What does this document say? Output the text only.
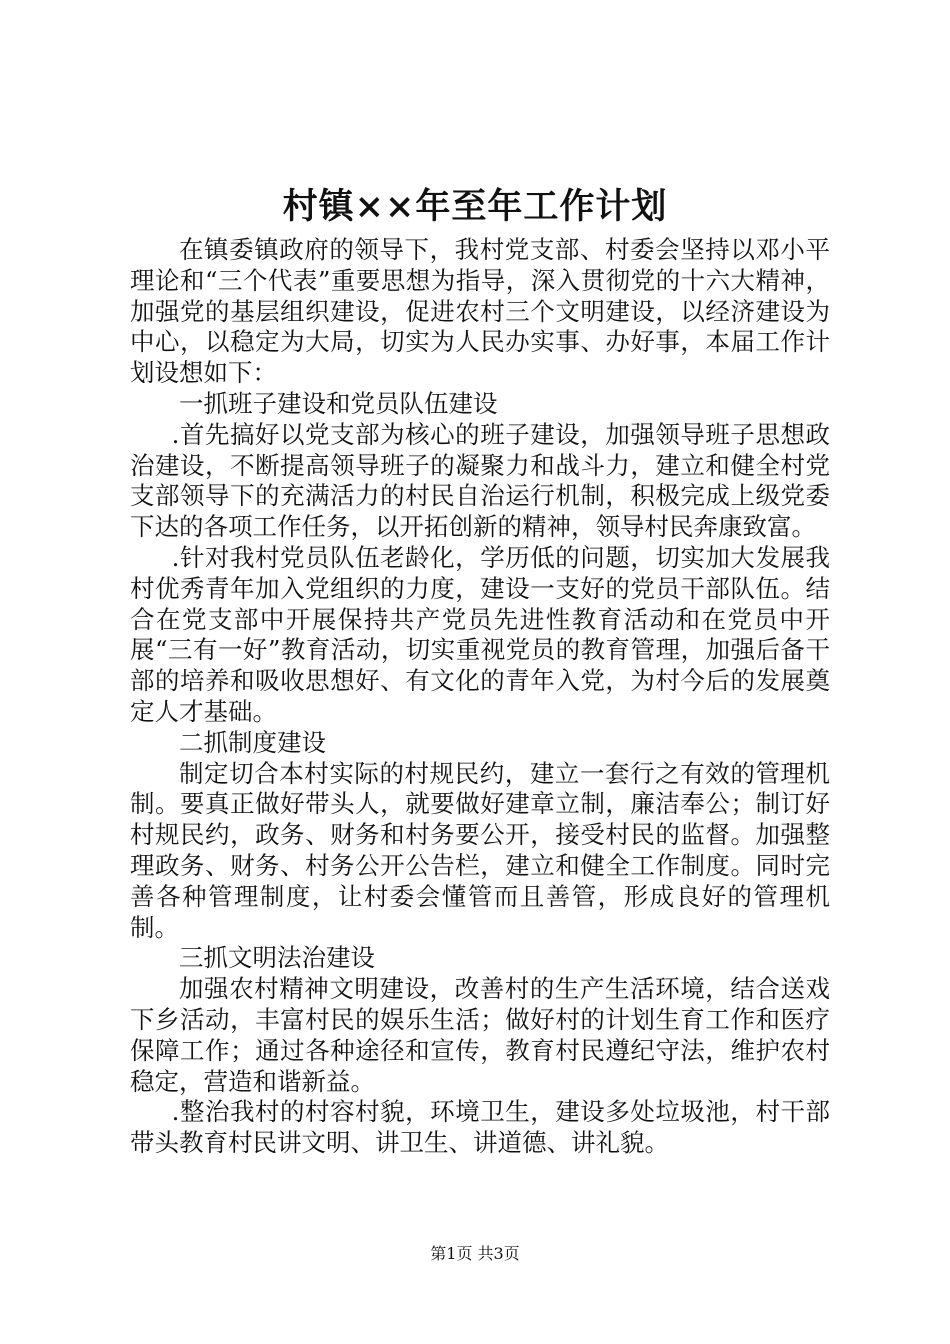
村镇××年至年工作计划

在镇委镇政府的领导下，我村党支部、村委会坚持以邓小平理论和“三个代表”重要思想为指导，深入贯彻党的十六大精神，加强党的基层组织建设，促进农村三个文明建设，以经济建设为中心，以稳定为大局，切实为人民办实事、办好事，本届工作计划设想如下：

一抓班子建设和党员队伍建设

.首先搞好以党支部为核心的班子建设，加强领导班子思想政治建设，不断提高领导班子的凝聚力和战斗力，建立和健全村党支部领导下的充满活力的村民自治运行机制，积极完成上级党委下达的各项工作任务，以开拓创新的精神，领导村民奔康致富。

.针对我村党员队伍老龄化，学历低的问题，切实加大发展我村优秀青年加入党组织的力度，建设一支好的党员干部队伍。结合在党支部中开展保持共产党员先进性教育活动和在党员中开展“三有一好”教育活动，切实重视党员的教育管理，加强后备干部的培养和吸收思想好、有文化的青年入党，为村今后的发展奠定人才基础。

二抓制度建设

制定切合本村实际的村规民约，建立一套行之有效的管理机制。要真正做好带头人，就要做好建章立制，廉洁奉公；制订好村规民约，政务、财务和村务要公开，接受村民的监督。加强整理政务、财务、村务公开公告栏，建立和健全工作制度。同时完善各种管理制度，让村委会懂管而且善管，形成良好的管理机制。

三抓文明法治建设

加强农村精神文明建设，改善村的生产生活环境，结合送戏下乡活动，丰富村民的娱乐生活；做好村的计划生育工作和医疗保障工作；通过各种途径和宣传，教育村民遵纪守法，维护农村稳定，营造和谐新益。

.整治我村的村容村貌，环境卫生，建设多处垃圾池，村干部带头教育村民讲文明、讲卫生、讲道德、讲礼貌。

第1页 共3页
